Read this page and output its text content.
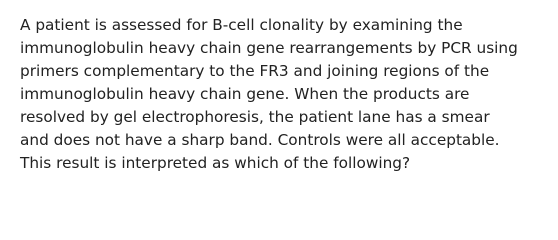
A patient is assessed for B-cell clonality by examining the
immunoglobulin heavy chain gene rearrangements by PCR using
primers complementary to the FR3 and joining regions of the
immunoglobulin heavy chain gene. When the products are
resolved by gel electrophoresis, the patient lane has a smear
and does not have a sharp band. Controls were all acceptable.
This result is interpreted as which of the following?
